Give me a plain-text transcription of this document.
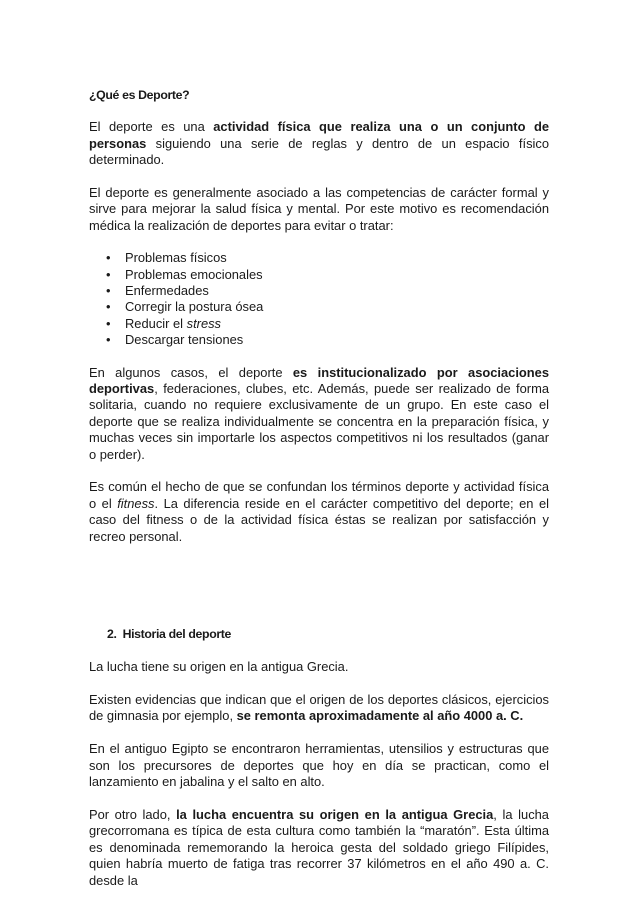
¿Qué es Deporte?

El deporte es una actividad física que realiza una o un conjunto de personas siguiendo una serie de reglas y dentro de un espacio físico determinado.

El deporte es generalmente asociado a las competencias de carácter formal y sirve para mejorar la salud física y mental. Por este motivo es recomendación médica la realización de deportes para evitar o tratar:

• Problemas físicos
• Problemas emocionales
• Enfermedades
• Corregir la postura ósea
• Reducir el stress
• Descargar tensiones

En algunos casos, el deporte es institucionalizado por asociaciones deportivas, federaciones, clubes, etc. Además, puede ser realizado de forma solitaria, cuando no requiere exclusivamente de un grupo. En este caso el deporte que se realiza individualmente se concentra en la preparación física, y muchas veces sin importarle los aspectos competitivos ni los resultados (ganar o perder).

Es común el hecho de que se confundan los términos deporte y actividad física o el fitness. La diferencia reside en el carácter competitivo del deporte; en el caso del fitness o de la actividad física éstas se realizan por satisfacción y recreo personal.

2. Historia del deporte

La lucha tiene su origen en la antigua Grecia.

Existen evidencias que indican que el origen de los deportes clásicos, ejercicios de gimnasia por ejemplo, se remonta aproximadamente al año 4000 a. C.

En el antiguo Egipto se encontraron herramientas, utensilios y estructuras que son los precursores de deportes que hoy en día se practican, como el lanzamiento en jabalina y el salto en alto.

Por otro lado, la lucha encuentra su origen en la antigua Grecia, la lucha grecorromana es típica de esta cultura como también la “maratón”. Esta última es denominada rememorando la heroica gesta del soldado griego Filípides, quien habría muerto de fatiga tras recorrer 37 kilómetros en el año 490 a. C. desde la
